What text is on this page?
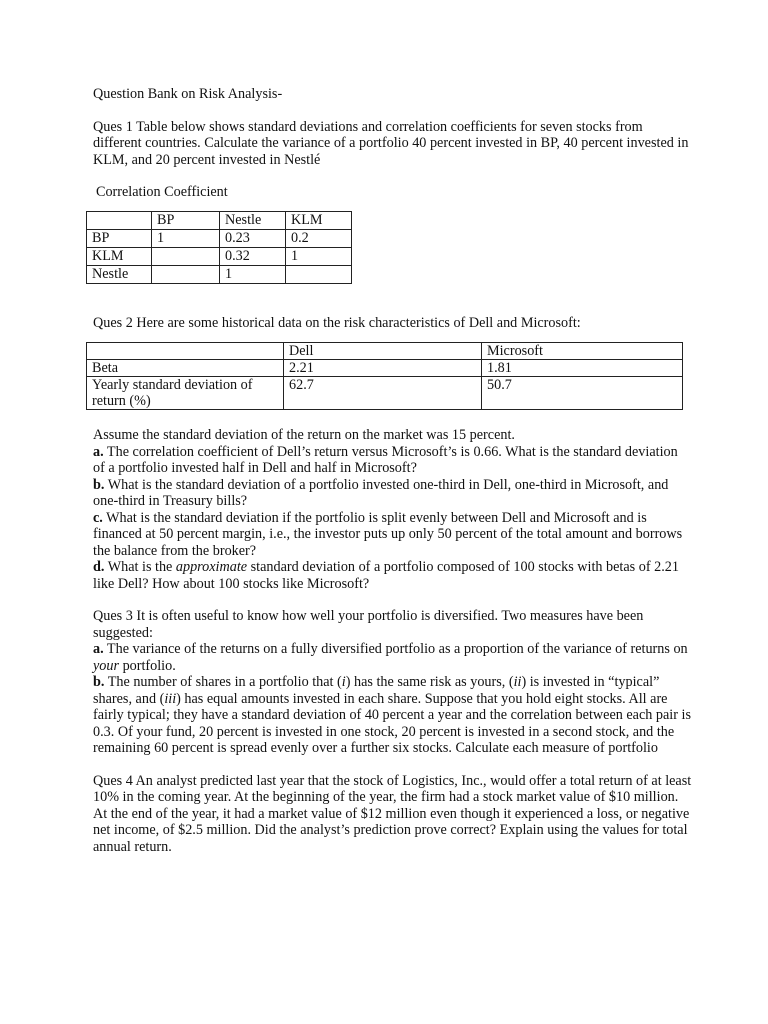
Question Bank on Risk Analysis-

Ques 1 Table below shows standard deviations and correlation coefficients for seven stocks from different countries. Calculate the variance of a portfolio 40 percent invested in BP, 40 percent invested in KLM, and 20 percent invested in Nestlé

Correlation Coefficient

	BP	Nestle	KLM
BP	1	0.23	0.2
KLM		0.32	1
Nestle		1	

Ques 2 Here are some historical data on the risk characteristics of Dell and Microsoft:

	Dell	Microsoft
Beta	2.21	1.81
Yearly standard deviation of return (%)	62.7	50.7

Assume the standard deviation of the return on the market was 15 percent.

a. The correlation coefficient of Dell’s return versus Microsoft’s is 0.66. What is the standard deviation of a portfolio invested half in Dell and half in Microsoft?

b. What is the standard deviation of a portfolio invested one-third in Dell, one-third in Microsoft, and one-third in Treasury bills?

c. What is the standard deviation if the portfolio is split evenly between Dell and Microsoft and is financed at 50 percent margin, i.e., the investor puts up only 50 percent of the total amount and borrows the balance from the broker?

d. What is the approximate standard deviation of a portfolio composed of 100 stocks with betas of 2.21 like Dell? How about 100 stocks like Microsoft?

Ques 3 It is often useful to know how well your portfolio is diversified. Two measures have been suggested:

a. The variance of the returns on a fully diversified portfolio as a proportion of the variance of returns on your portfolio.

b. The number of shares in a portfolio that (i) has the same risk as yours, (ii) is invested in “typical” shares, and (iii) has equal amounts invested in each share. Suppose that you hold eight stocks. All are fairly typical; they have a standard deviation of 40 percent a year and the correlation between each pair is 0.3. Of your fund, 20 percent is invested in one stock, 20 percent is invested in a second stock, and the remaining 60 percent is spread evenly over a further six stocks. Calculate each measure of portfolio

Ques 4 An analyst predicted last year that the stock of Logistics, Inc., would offer a total return of at least 10% in the coming year. At the beginning of the year, the firm had a stock market value of $10 million. At the end of the year, it had a market value of $12 million even though it experienced a loss, or negative net income, of $2.5 million. Did the analyst’s prediction prove correct? Explain using the values for total annual return.
